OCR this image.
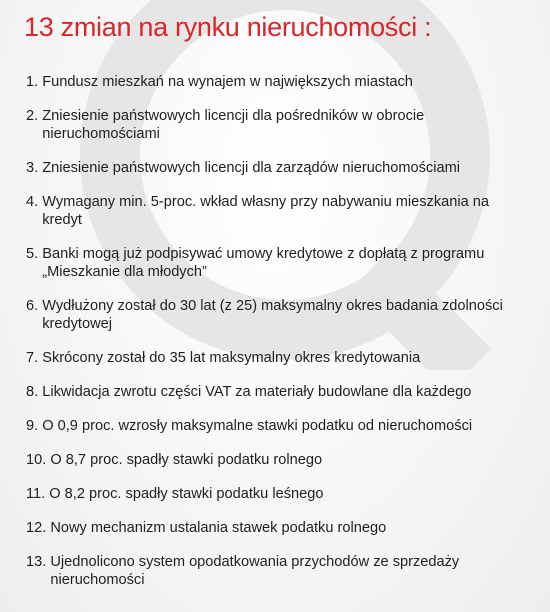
13 zmian na rynku nieruchomości :
1. Fundusz mieszkań na wynajem w największych miastach
2. Zniesienie państwowych licencji dla pośredników w obrocie nieruchomościami
3. Zniesienie państwowych licencji dla zarządów nieruchomościami
4. Wymagany min. 5-proc. wkład własny przy nabywaniu mieszkania na kredyt
5. Banki mogą już podpisywać umowy kredytowe z dopłatą z programu „Mieszkanie dla młodych”
6. Wydłużony został do 30 lat (z 25) maksymalny okres badania zdolności kredytowej
7. Skrócony został do 35 lat maksymalny okres kredytowania
8. Likwidacja zwrotu części VAT za materiały budowlane dla każdego
9. O 0,9 proc. wzrosły maksymalne stawki podatku od nieruchomości
10. O 8,7 proc. spadły stawki podatku rolnego
11. O 8,2 proc. spadły stawki podatku leśnego
12. Nowy mechanizm ustalania stawek podatku rolnego
13. Ujednolicono system opodatkowania przychodów ze sprzedaży nieruchomości
